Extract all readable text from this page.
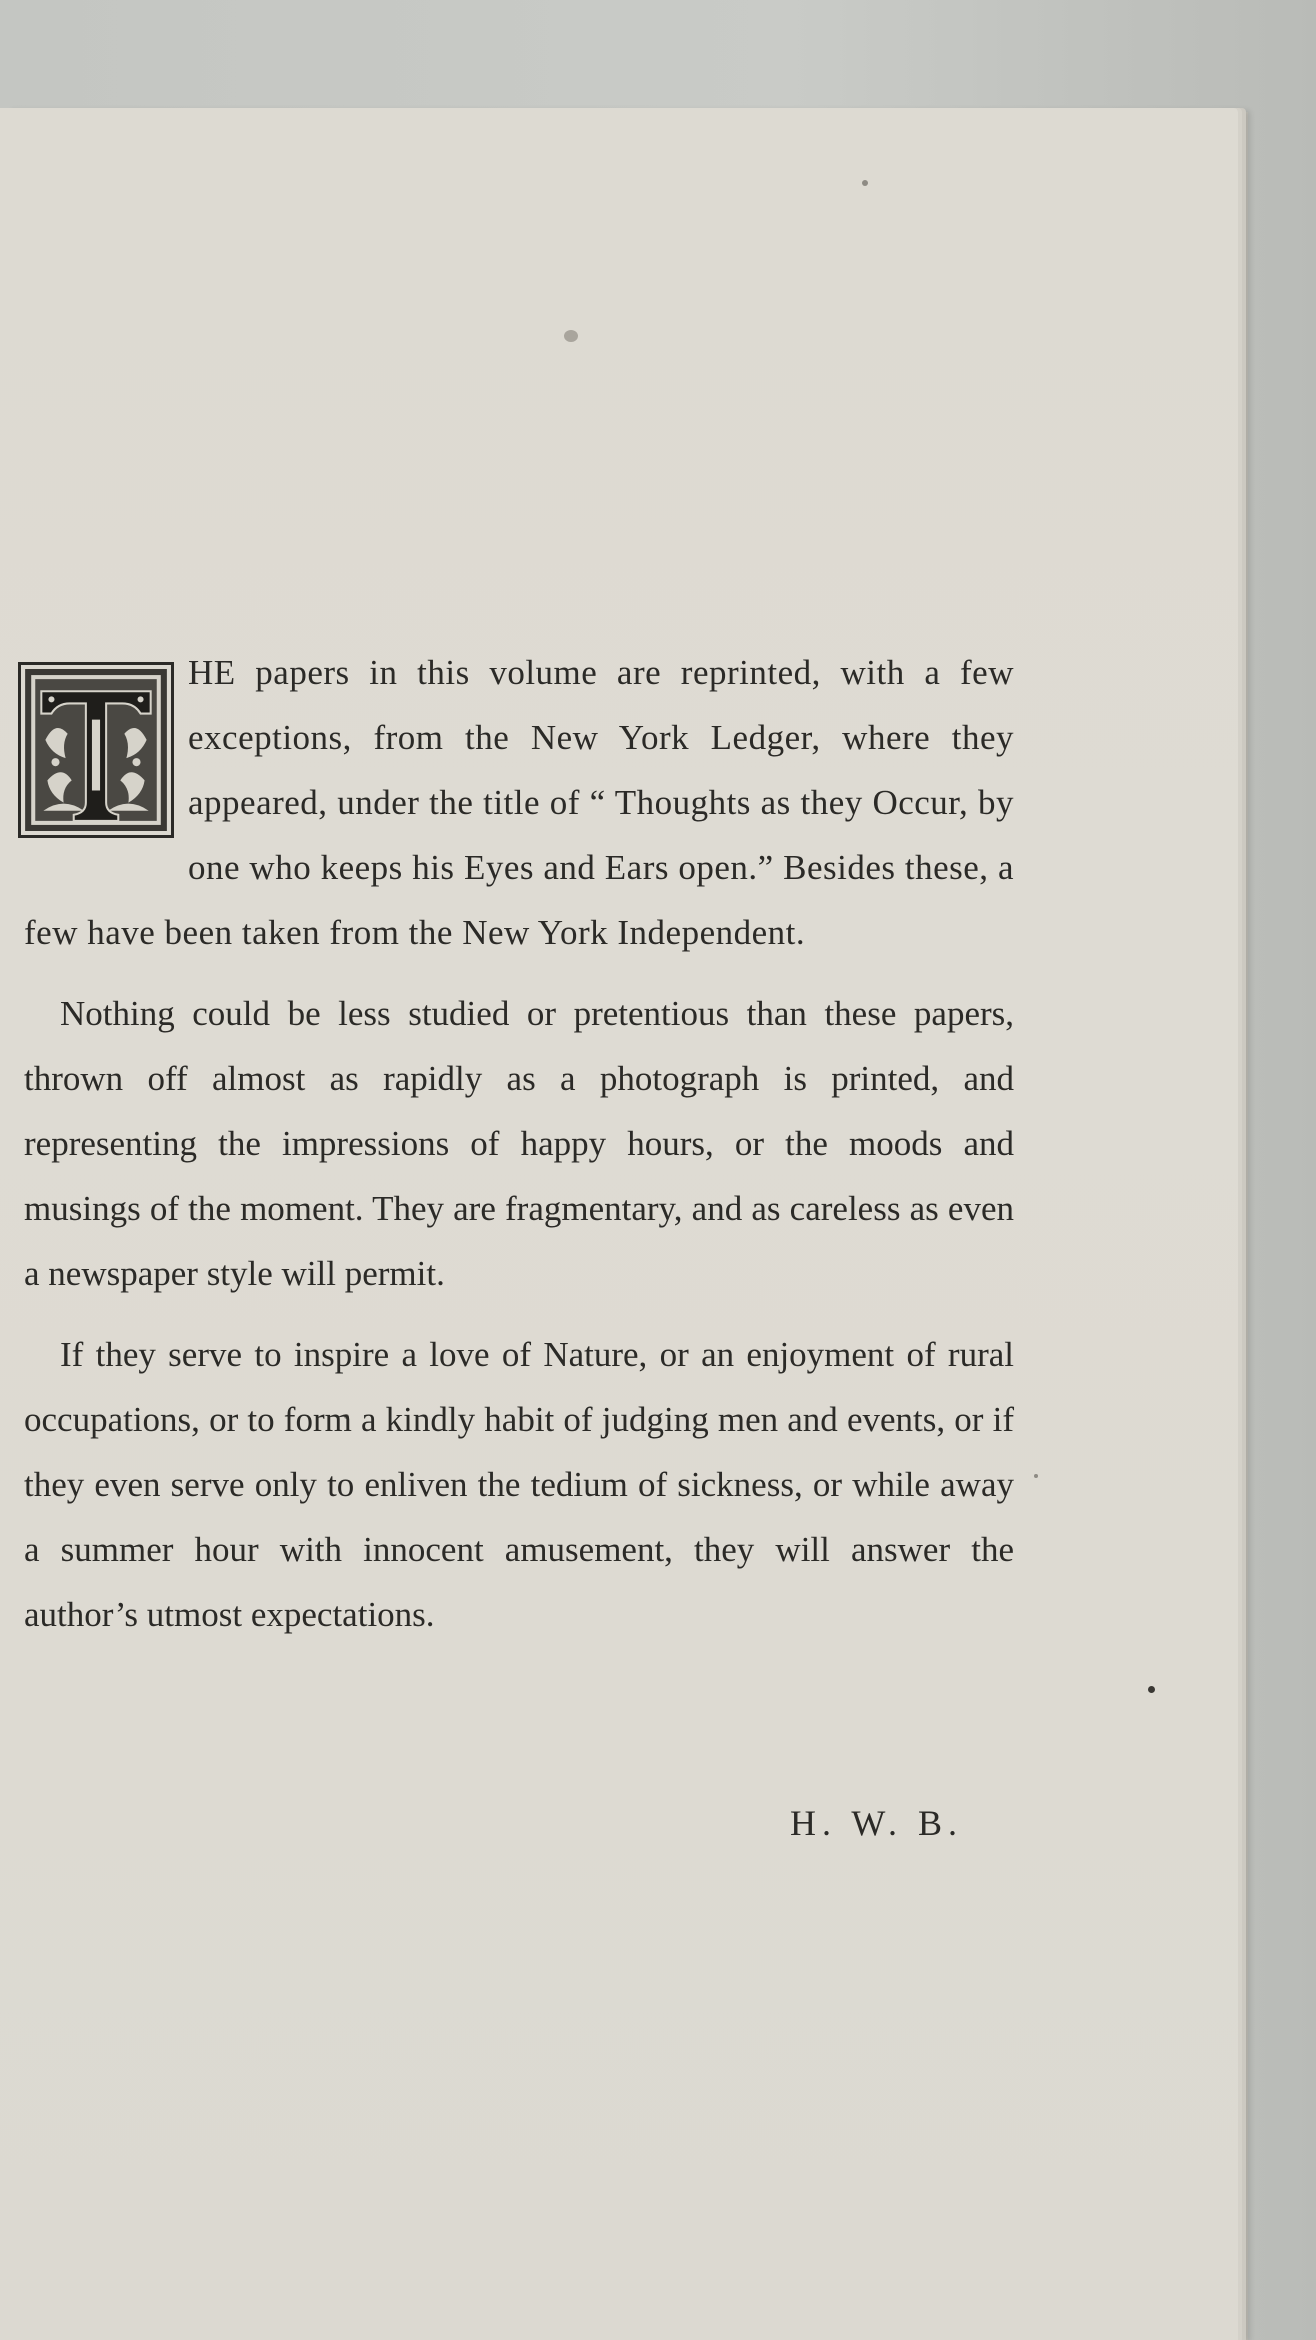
HE papers in this volume are reprinted, with a few exceptions, from the New York Ledger, where they appeared, under the title of “ Thoughts as they Occur, by one who keeps his Eyes and Ears open.” Besides these, a few have been taken from the New York Independent.

Nothing could be less studied or pretentious than these papers, thrown off almost as rapidly as a photograph is printed, and representing the impressions of happy hours, or the moods and musings of the moment. They are fragmentary, and as careless as even a newspaper style will permit.

If they serve to inspire a love of Nature, or an enjoyment of rural occupations, or to form a kindly habit of judging men and events, or if they even serve only to enliven the tedium of sickness, or while away a summer hour with innocent amusement, they will answer the author’s utmost expectations.

H. W. B.
